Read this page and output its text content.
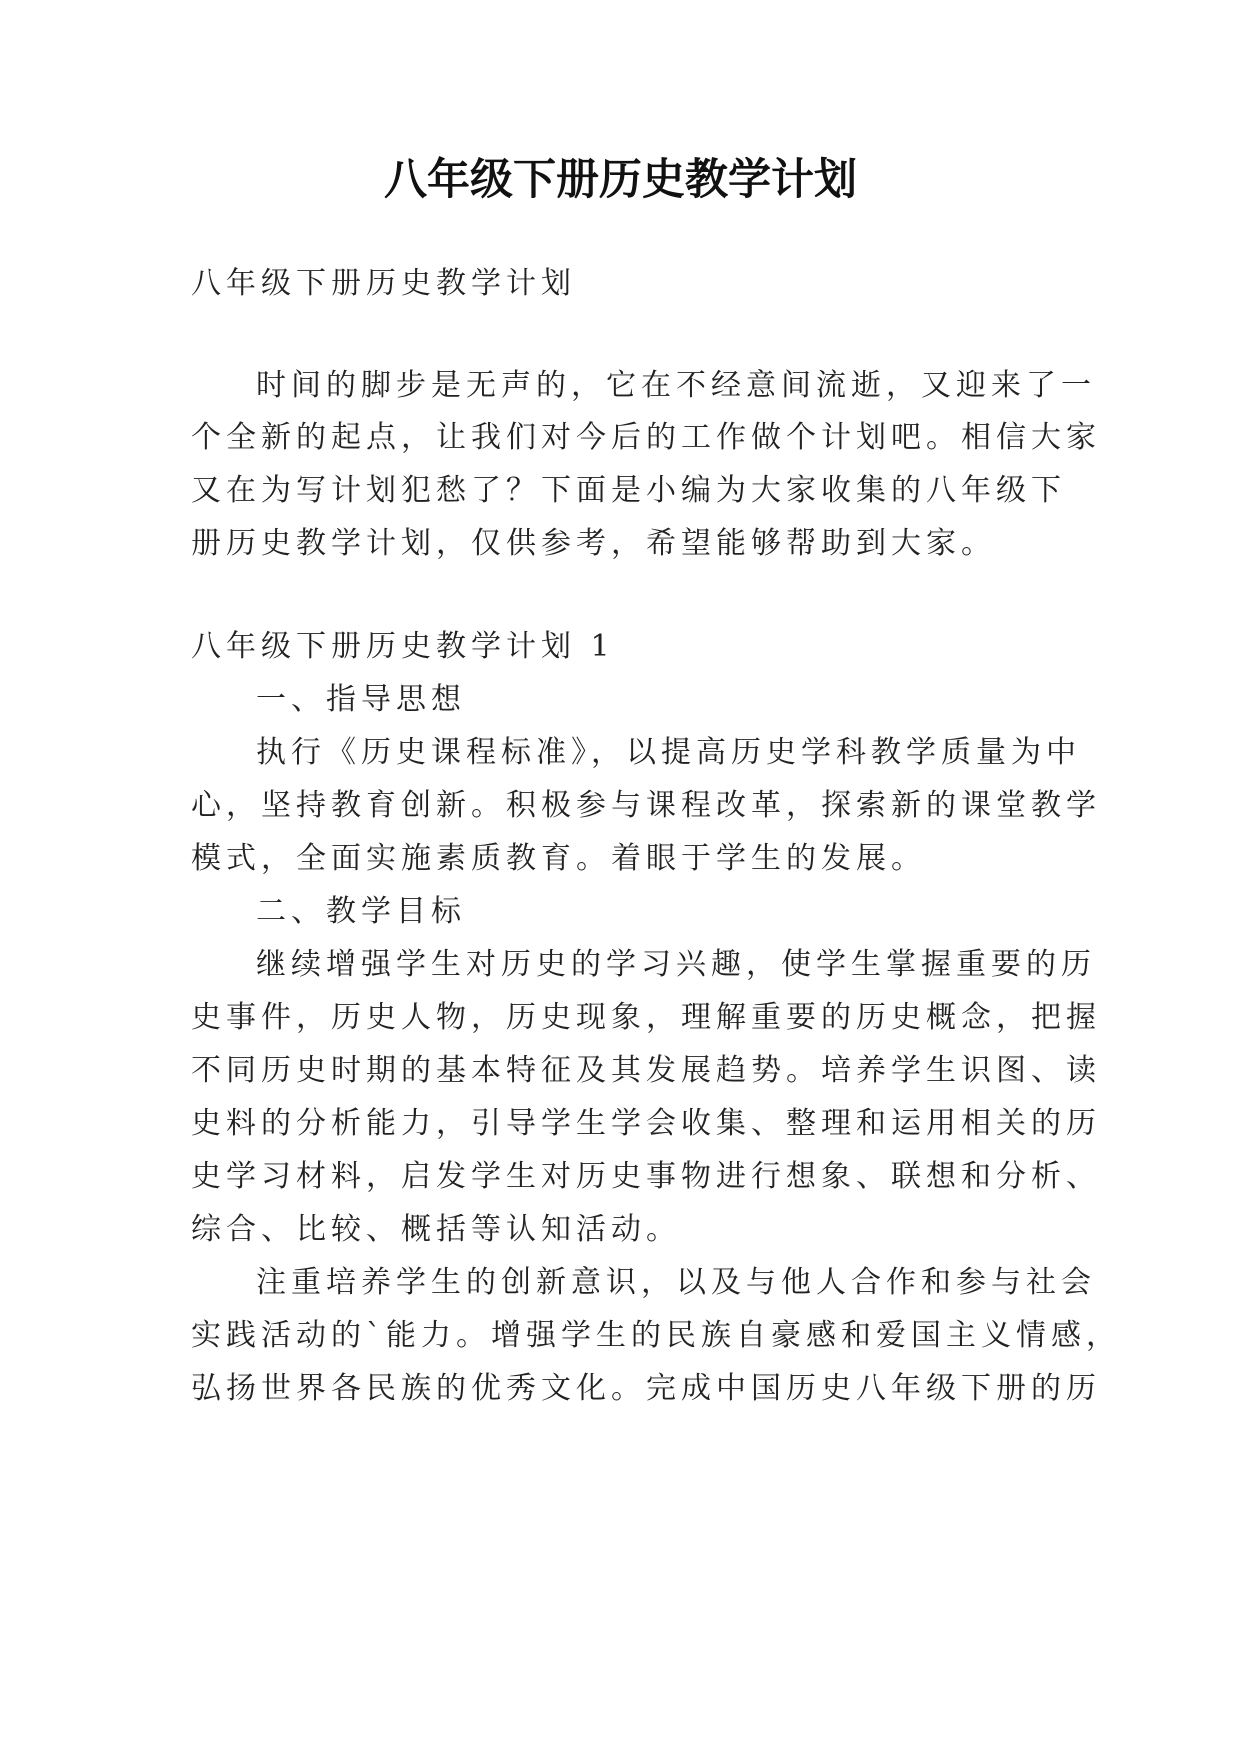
八年级下册历史教学计划
八年级下册历史教学计划
时间的脚步是无声的，它在不经意间流逝，又迎来了一
个全新的起点，让我们对今后的工作做个计划吧。相信大家
又在为写计划犯愁了？下面是小编为大家收集的八年级下
册历史教学计划，仅供参考，希望能够帮助到大家。
八年级下册历史教学计划 1
一、指导思想
执行《历史课程标准》，以提高历史学科教学质量为中
心，坚持教育创新。积极参与课程改革，探索新的课堂教学
模式，全面实施素质教育。着眼于学生的发展。
二、教学目标
继续增强学生对历史的学习兴趣，使学生掌握重要的历
史事件，历史人物，历史现象，理解重要的历史概念，把握
不同历史时期的基本特征及其发展趋势。培养学生识图、读
史料的分析能力，引导学生学会收集、整理和运用相关的历
史学习材料，启发学生对历史事物进行想象、联想和分析、
综合、比较、概括等认知活动。
注重培养学生的创新意识，以及与他人合作和参与社会
实践活动的`能力。增强学生的民族自豪感和爱国主义情感，
弘扬世界各民族的优秀文化。完成中国历史八年级下册的历
